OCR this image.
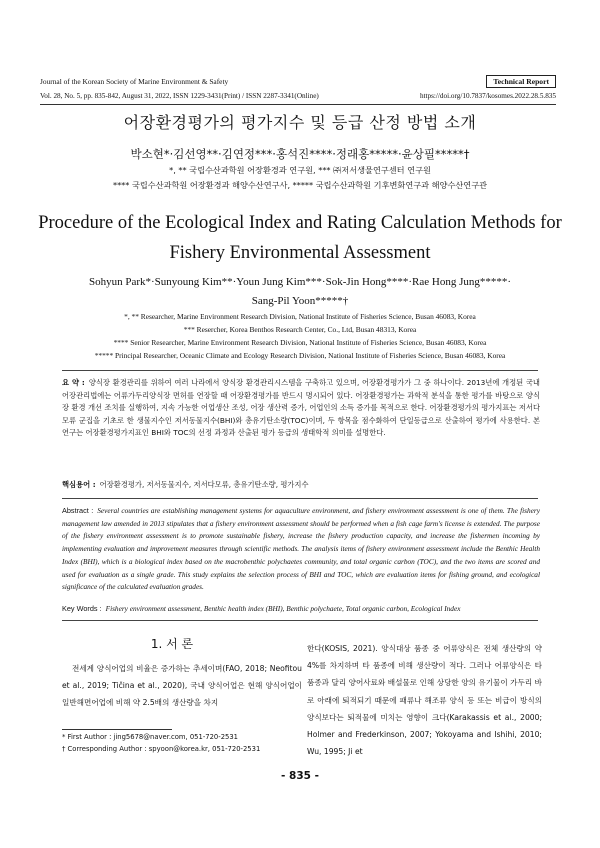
Journal of the Korean Society of Marine Environment & Safety	Technical Report
Vol. 28, No. 5, pp. 835-842, August 31, 2022, ISSN 1229-3431(Print) / ISSN 2287-3341(Online)	https://doi.org/10.7837/kosomes.2022.28.5.835
어장환경평가의 평가지수 및 등급 산정 방법 소개
박소현*·김선영**·김연정***·홍석진****·정래홍*****·윤상필*****†
*, ** 국립수산과학원 어장환경과 연구원, *** ㈜저서생물연구센터 연구원
**** 국립수산과학원 어장환경과 해양수산연구사, ***** 국립수산과학원 기후변화연구과 해양수산연구관
Procedure of the Ecological Index and Rating Calculation Methods for
Fishery Environmental Assessment
Sohyun Park*·Sunyoung Kim**·Youn Jung Kim***·Sok-Jin Hong****·Rae Hong Jung*****·
Sang-Pil Yoon*****†
*, ** Researcher, Marine Environment Research Division, National Institute of Fisheries Science, Busan 46083, Korea
*** Resercher, Korea Benthos Research Center, Co., Ltd, Busan 48313, Korea
**** Senior Researcher, Marine Environment Research Division, National Institute of Fisheries Science, Busan 46083, Korea
***** Principal Researcher, Oceanic Climate and Ecology Research Division, National Institute of Fisheries Science, Busan 46083, Korea
요 약 : 양식장 환경관리를 위하여 여러 나라에서 양식장 환경관리시스템을 구축하고 있으며, 어장환경평가가 그 중 하나이다. 2013년에 개정된 국내 어장관리법에는 어류가두리양식장 면허를 연장할 때 어장환경평가를 반드시 명시되어 있다. 어장환경평가는 과학적 분석을 통한 평가를 바탕으로 양식장 환경 개선 조치를 실행하여, 지속 가능한 어업생산 조성, 어장 생산력 증가, 어업인의 소득 증가를 목적으로 한다. 어장환경평가의 평가지표는 저서다모류 군집을 기초로 한 생물지수인 저서동물지수(BHI)와 총유기탄소량(TOC)이며, 두 항목을 점수화하여 단일등급으로 산출하여 평가에 사용한다. 본 연구는 어장환경평가지표인 BHI와 TOC의 선정 과정과 산출된 평가 등급의 생태학적 의미를 설명한다.
핵심용어 : 어장환경평가, 저서동물지수, 저서다모류, 총유기탄소량, 평가지수
Abstract : Several countries are establishing management systems for aquaculture environment, and fishery environment assessment is one of them. The fishery management law amended in 2013 stipulates that a fishery environment assessment should be performed when a fish cage farm's license is extended. The purpose of the fishery environment assessment is to promote sustainable fishery, increase the fishery production capacity, and increase the fishermen incoming by implementing evaluation and improvement measures through scientific methods. The analysis items of fishery environment assessment include the Benthic Health Index (BHI), which is a biological index based on the macrobenthic polychaetes community, and total organic carbon (TOC), and the two items are scored and used for evaluation as a single grade. This study explains the selection process of BHI and TOC, which are evaluation items for fishing ground, and ecological significance of the calculated evaluation grades.
Key Words : Fishery environment assessment, Benthic health index (BHI), Benthic polychaete, Total organic carbon, Ecological Index
1. 서 론
전세계 양식어업의 비율은 증가하는 추세이며(FAO, 2018; Neofitou et al., 2019; Tičina et al., 2020), 국내 양식어업은 현해 양식어업이 일반해면어업에 비해 약 2.5배의 생산량을 차지
한다(KOSIS, 2021). 양식대상 품종 중 어류양식은 전체 생산량의 약 4%를 차지하며 타 품종에 비해 생산량이 적다. 그러나 어류양식은 타 품종과 달리 양어사료와 배설물로 인해 상당한 양의 유기물이 가두리 바로 아래에 퇴적되기 때문에 패류나 해조류 양식 등 또는 비급이 방식의 양식보다는 퇴적물에 미치는 영향이 크다(Karakassis et al., 2000; Holmer and Frederkinson, 2007; Yokoyama and Ishihi, 2010; Wu, 1995; Ji et
* First Author : jing5678@naver.com, 051-720-2531
† Corresponding Author : spyoon@korea.kr, 051-720-2531
- 835 -
